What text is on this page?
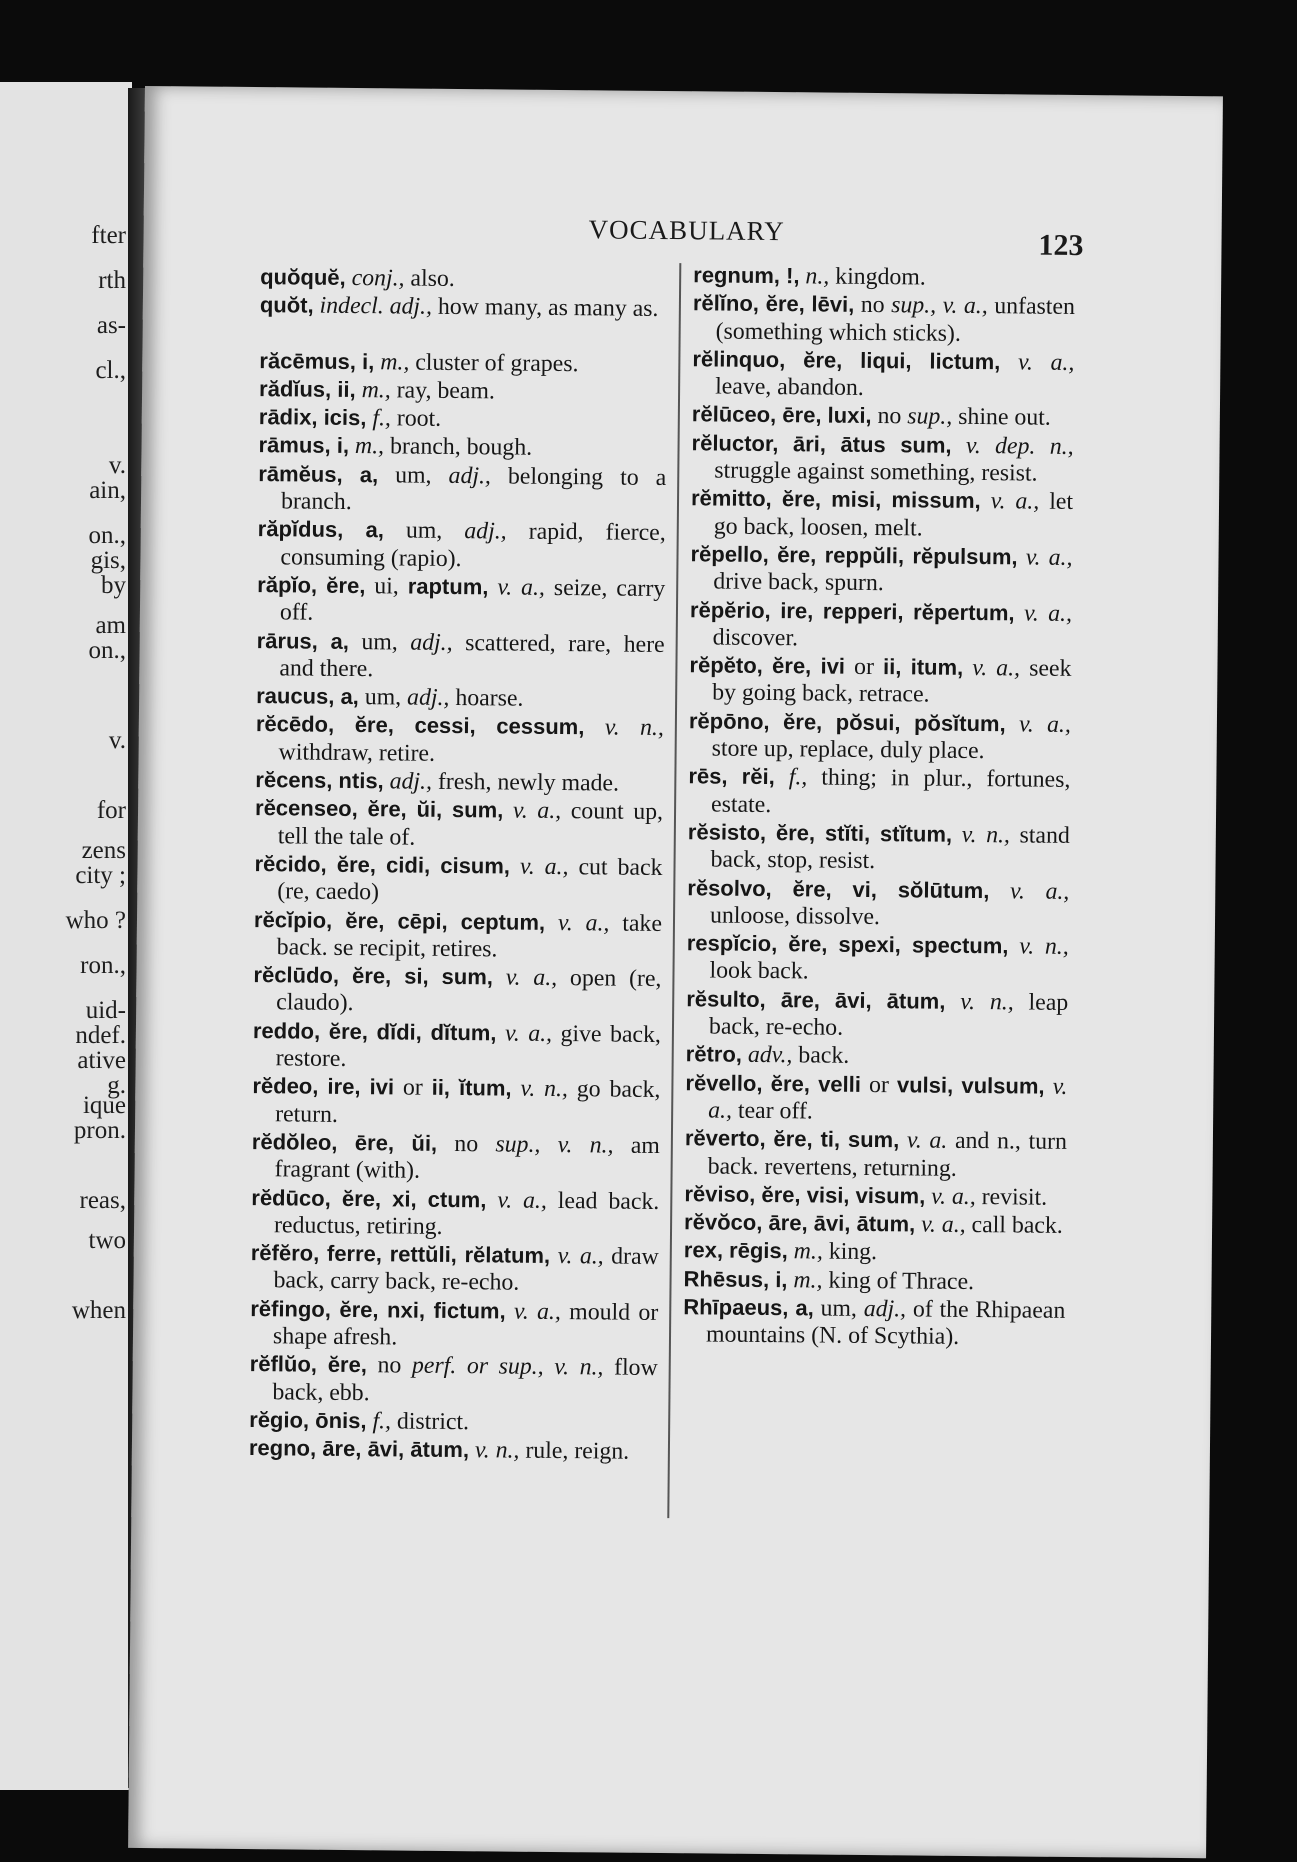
fter
rth
as-
cl.,
v.
ain,
on.,
gis,
by
am
on.,
v.
for
zens
city ;
who ?
ron.,
uid-
ndef.
ative
g.
ique
pron.
reas,
two
when
VOCABULARY	123
quŏquĕ, conj., also.
quŏt, indecl. adj., how many, as many as.
răcēmus, i, m., cluster of grapes.
rădĭus, ii, m., ray, beam.
rādix, icis, f., root.
rāmus, i, m., branch, bough.
rāmĕus, a, um, adj., belonging to a branch.
răpĭdus, a, um, adj., rapid, fierce, consuming (rapio).
răpĭo, ĕre, ui, raptum, v. a., seize, carry off.
rārus, a, um, adj., scattered, rare, here and there.
raucus, a, um, adj., hoarse.
rĕcēdo, ĕre, cessi, cessum, v. n., withdraw, retire.
rĕcens, ntis, adj., fresh, newly made.
rĕcenseo, ĕre, ŭi, sum, v. a., count up, tell the tale of.
rĕcido, ĕre, cidi, cisum, v. a., cut back (re, caedo)
rĕcĭpio, ĕre, cēpi, ceptum, v. a., take back. se recipit, retires.
rĕclūdo, ĕre, si, sum, v. a., open (re, claudo).
reddo, ĕre, dĭdi, dĭtum, v. a., give back, restore.
rĕdeo, ire, ivi or ii, ĭtum, v. n., go back, return.
rĕdŏleo, ēre, ŭi, no sup., v. n., am fragrant (with).
rĕdūco, ĕre, xi, ctum, v. a., lead back. reductus, retiring.
rĕfĕro, ferre, rettŭli, rĕlatum, v. a., draw back, carry back, re-echo.
rĕfingo, ĕre, nxi, fictum, v. a., mould or shape afresh.
rĕflŭo, ĕre, no perf. or sup., v. n., flow back, ebb.
rĕgio, ōnis, f., district.
regno, āre, āvi, ātum, v. n., rule, reign.
regnum, !, n., kingdom.
rĕlĭno, ĕre, lēvi, no sup., v. a., unfasten (something which sticks).
rĕlinquo, ĕre, liqui, lictum, v. a., leave, abandon.
rĕlūceo, ēre, luxi, no sup., shine out.
rĕluctor, āri, ātus sum, v. dep. n., struggle against something, resist.
rĕmitto, ĕre, misi, missum, v. a., let go back, loosen, melt.
rĕpello, ĕre, reppŭli, rĕpulsum, v. a., drive back, spurn.
rĕpĕrio, ire, repperi, rĕpertum, v. a., discover.
rĕpĕto, ĕre, ivi or ii, itum, v. a., seek by going back, retrace.
rĕpōno, ĕre, pŏsui, pŏsĭtum, v. a., store up, replace, duly place.
rēs, rĕi, f., thing; in plur., fortunes, estate.
rĕsisto, ĕre, stĭti, stĭtum, v. n., stand back, stop, resist.
rĕsolvo, ĕre, vi, sŏlūtum, v. a., unloose, dissolve.
respĭcio, ĕre, spexi, spectum, v. n., look back.
rĕsulto, āre, āvi, ātum, v. n., leap back, re-echo.
rĕtro, adv., back.
rĕvello, ĕre, velli or vulsi, vulsum, v. a., tear off.
rĕverto, ĕre, ti, sum, v. a. and n., turn back. revertens, returning.
rĕviso, ĕre, visi, visum, v. a., revisit.
rĕvŏco, āre, āvi, ātum, v. a., call back.
rex, rēgis, m., king.
Rhēsus, i, m., king of Thrace.
Rhīpaeus, a, um, adj., of the Rhipaean mountains (N. of Scythia).
